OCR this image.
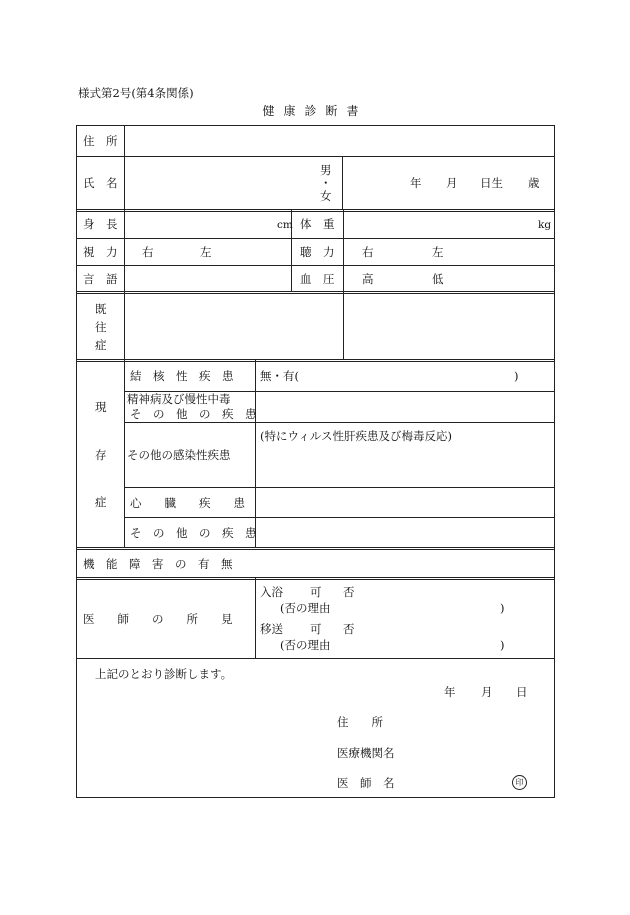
様式第2号(第4条関係)
健康診断書
住　所
氏　名
男
・
女
年 月 日生 歳
身　長	cm 体　重	kg
視　力 右	左	聴　力 右	左
言　語	血　圧 高	低
既
往
症
現
存
症
結　核　性　疾　患 無・有(	)
精神病及び慢性中毒
そ　の　他　の　疾　患
その他の感染性疾患
(特にウィルス性肝疾患及び梅毒反応)
心　　臓　　疾　　患
そ　の　他　の　疾　患
機　能　障　害　の　有　無
医　　師　　の　　所　　見
入浴 可 否
(否の理由	)
移送 可 否
(否の理由	)
上記のとおり診断します。
年 月 日
住　　所
医療機関名
医　師　名	印
